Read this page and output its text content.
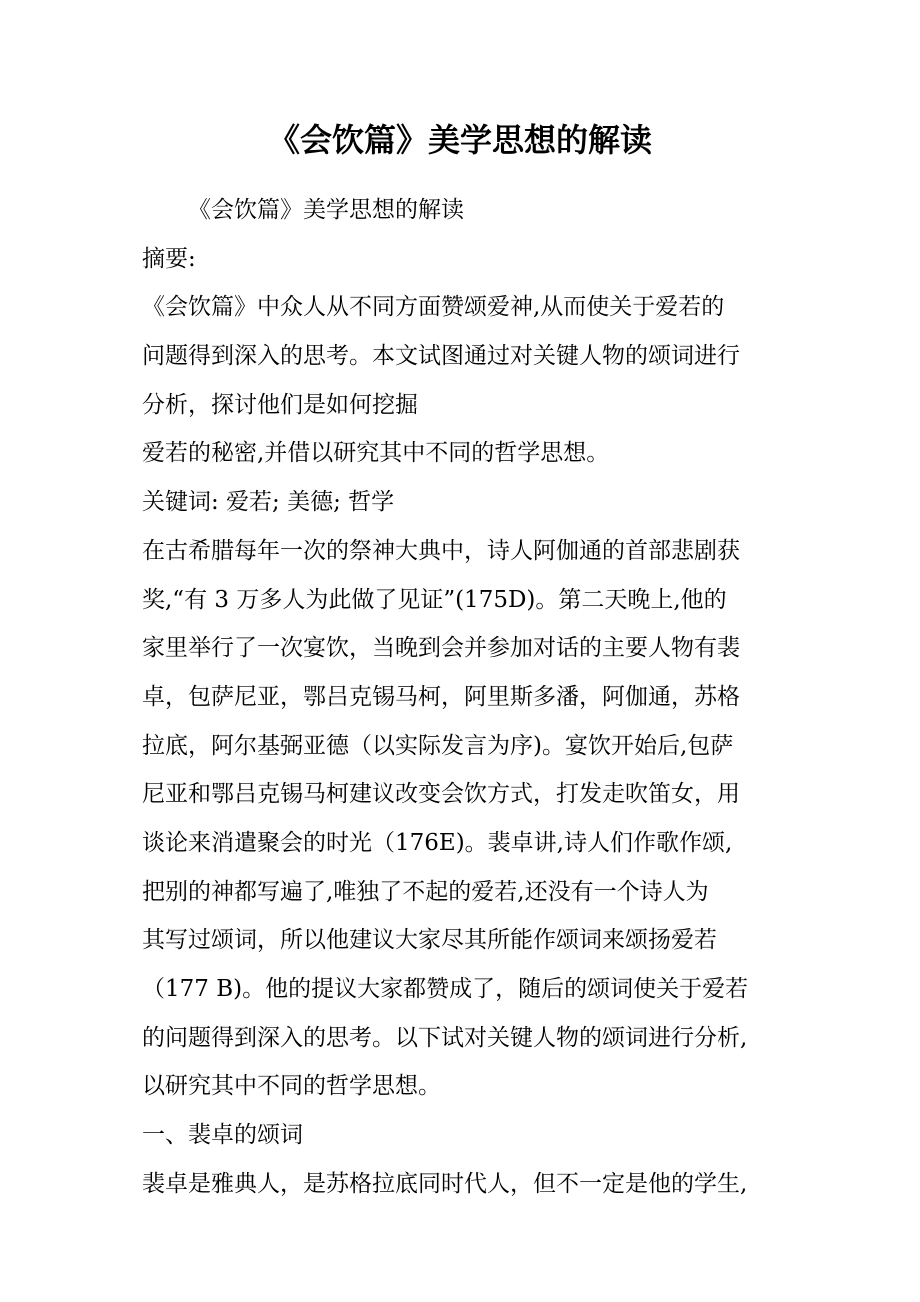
《会饮篇》美学思想的解读
《会饮篇》美学思想的解读
摘要:
《会饮篇》中众人从不同方面赞颂爱神,从而使关于爱若的
问题得到深入的思考。本文试图通过对关键人物的颂词进行
分析，探讨他们是如何挖掘
爱若的秘密,并借以研究其中不同的哲学思想。
关键词: 爱若; 美德; 哲学
在古希腊每年一次的祭神大典中，诗人阿伽通的首部悲剧获
奖,“有 3 万多人为此做了见证”(175D)。第二天晚上,他的
家里举行了一次宴饮，当晚到会并参加对话的主要人物有裴
卓，包萨尼亚，鄂吕克锡马柯，阿里斯多潘，阿伽通，苏格
拉底，阿尔基弼亚德（以实际发言为序)。宴饮开始后,包萨
尼亚和鄂吕克锡马柯建议改变会饮方式，打发走吹笛女，用
谈论来消遣聚会的时光（176E)。裴卓讲,诗人们作歌作颂,
把别的神都写遍了,唯独了不起的爱若,还没有一个诗人为
其写过颂词，所以他建议大家尽其所能作颂词来颂扬爱若
（177 B)。他的提议大家都赞成了，随后的颂词使关于爱若
的问题得到深入的思考。以下试对关键人物的颂词进行分析,
以研究其中不同的哲学思想。
一、裴卓的颂词
裴卓是雅典人，是苏格拉底同时代人，但不一定是他的学生,
